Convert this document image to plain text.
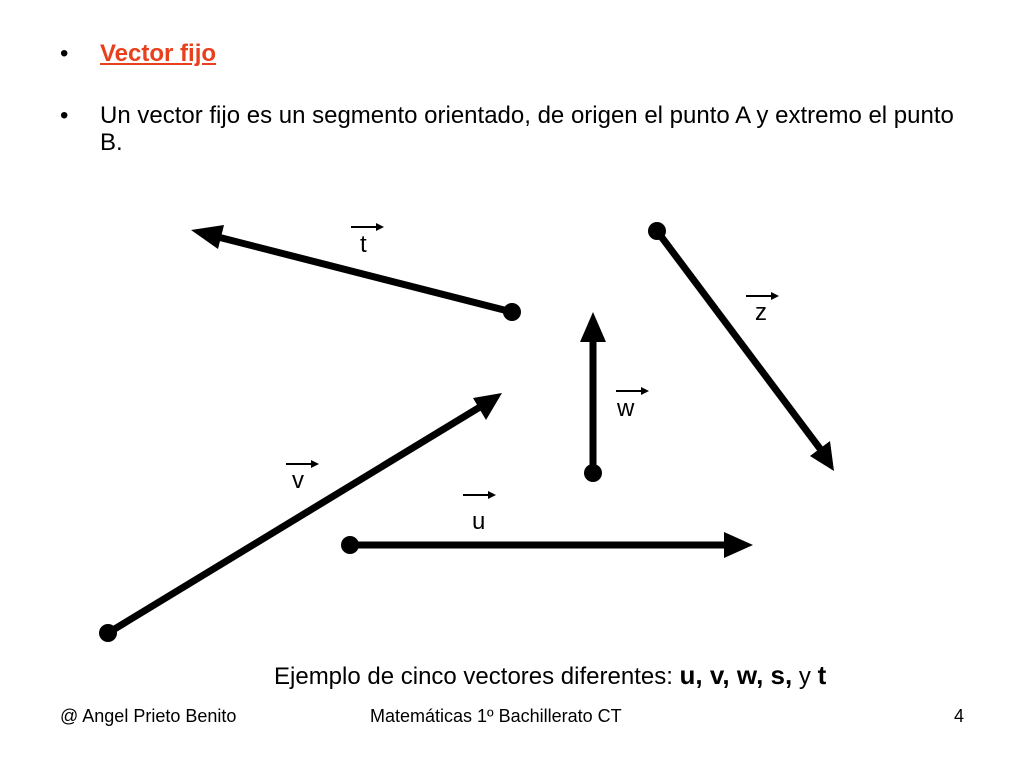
• Vector fijo
• Un vector fijo es un segmento orientado, de origen el punto A y extremo el punto B.
t
z
w
v
u
Ejemplo de cinco vectores diferentes: u, v, w, s, y t
@ Angel Prieto Benito	Matemáticas 1º Bachillerato CT	4
